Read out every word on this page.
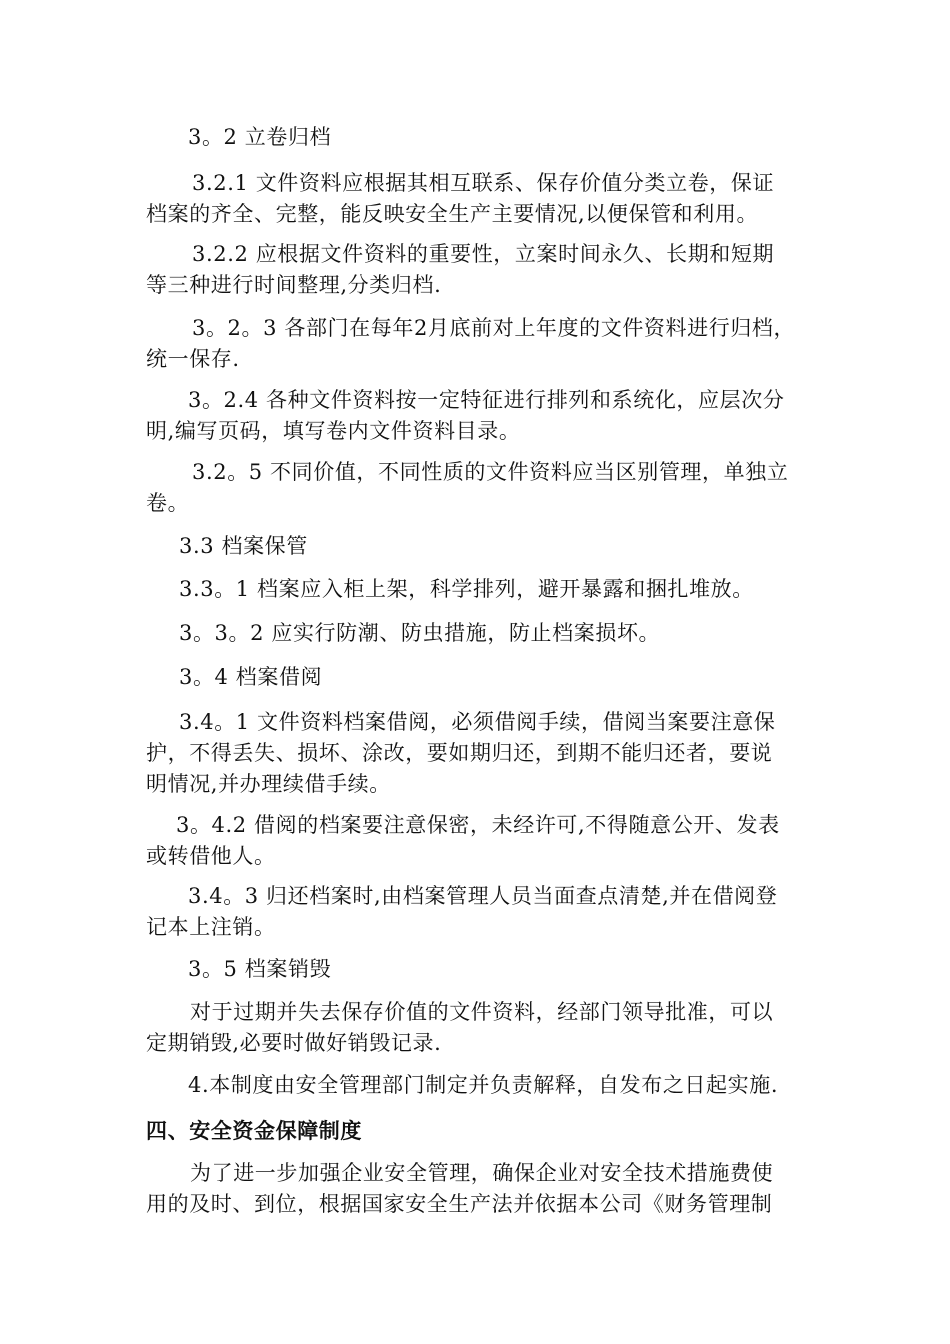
3。2 立卷归档

3.2.1 文件资料应根据其相互联系、保存价值分类立卷，保证
档案的齐全、完整，能反映安全生产主要情况,以便保管和利用。

3.2.2 应根据文件资料的重要性，立案时间永久、长期和短期
等三种进行时间整理,分类归档.

3。2。3 各部门在每年2月底前对上年度的文件资料进行归档，
统一保存.

3。2.4 各种文件资料按一定特征进行排列和系统化，应层次分
明,编写页码，填写卷内文件资料目录。

3.2。5 不同价值，不同性质的文件资料应当区别管理，单独立
卷。

3.3 档案保管

3.3。1 档案应入柜上架，科学排列，避开暴露和捆扎堆放。

3。3。2 应实行防潮、防虫措施，防止档案损坏。

3。4 档案借阅

3.4。1 文件资料档案借阅，必须借阅手续，借阅当案要注意保
护，不得丢失、损坏、涂改，要如期归还，到期不能归还者，要说
明情况,并办理续借手续。

3。4.2 借阅的档案要注意保密，未经许可,不得随意公开、发表
或转借他人。

3.4。3 归还档案时,由档案管理人员当面查点清楚,并在借阅登
记本上注销。

3。5 档案销毁

对于过期并失去保存价值的文件资料，经部门领导批准，可以
定期销毁,必要时做好销毁记录.

4.本制度由安全管理部门制定并负责解释，自发布之日起实施.

四、安全资金保障制度

为了进一步加强企业安全管理，确保企业对安全技术措施费使
用的及时、到位，根据国家安全生产法并依据本公司《财务管理制
